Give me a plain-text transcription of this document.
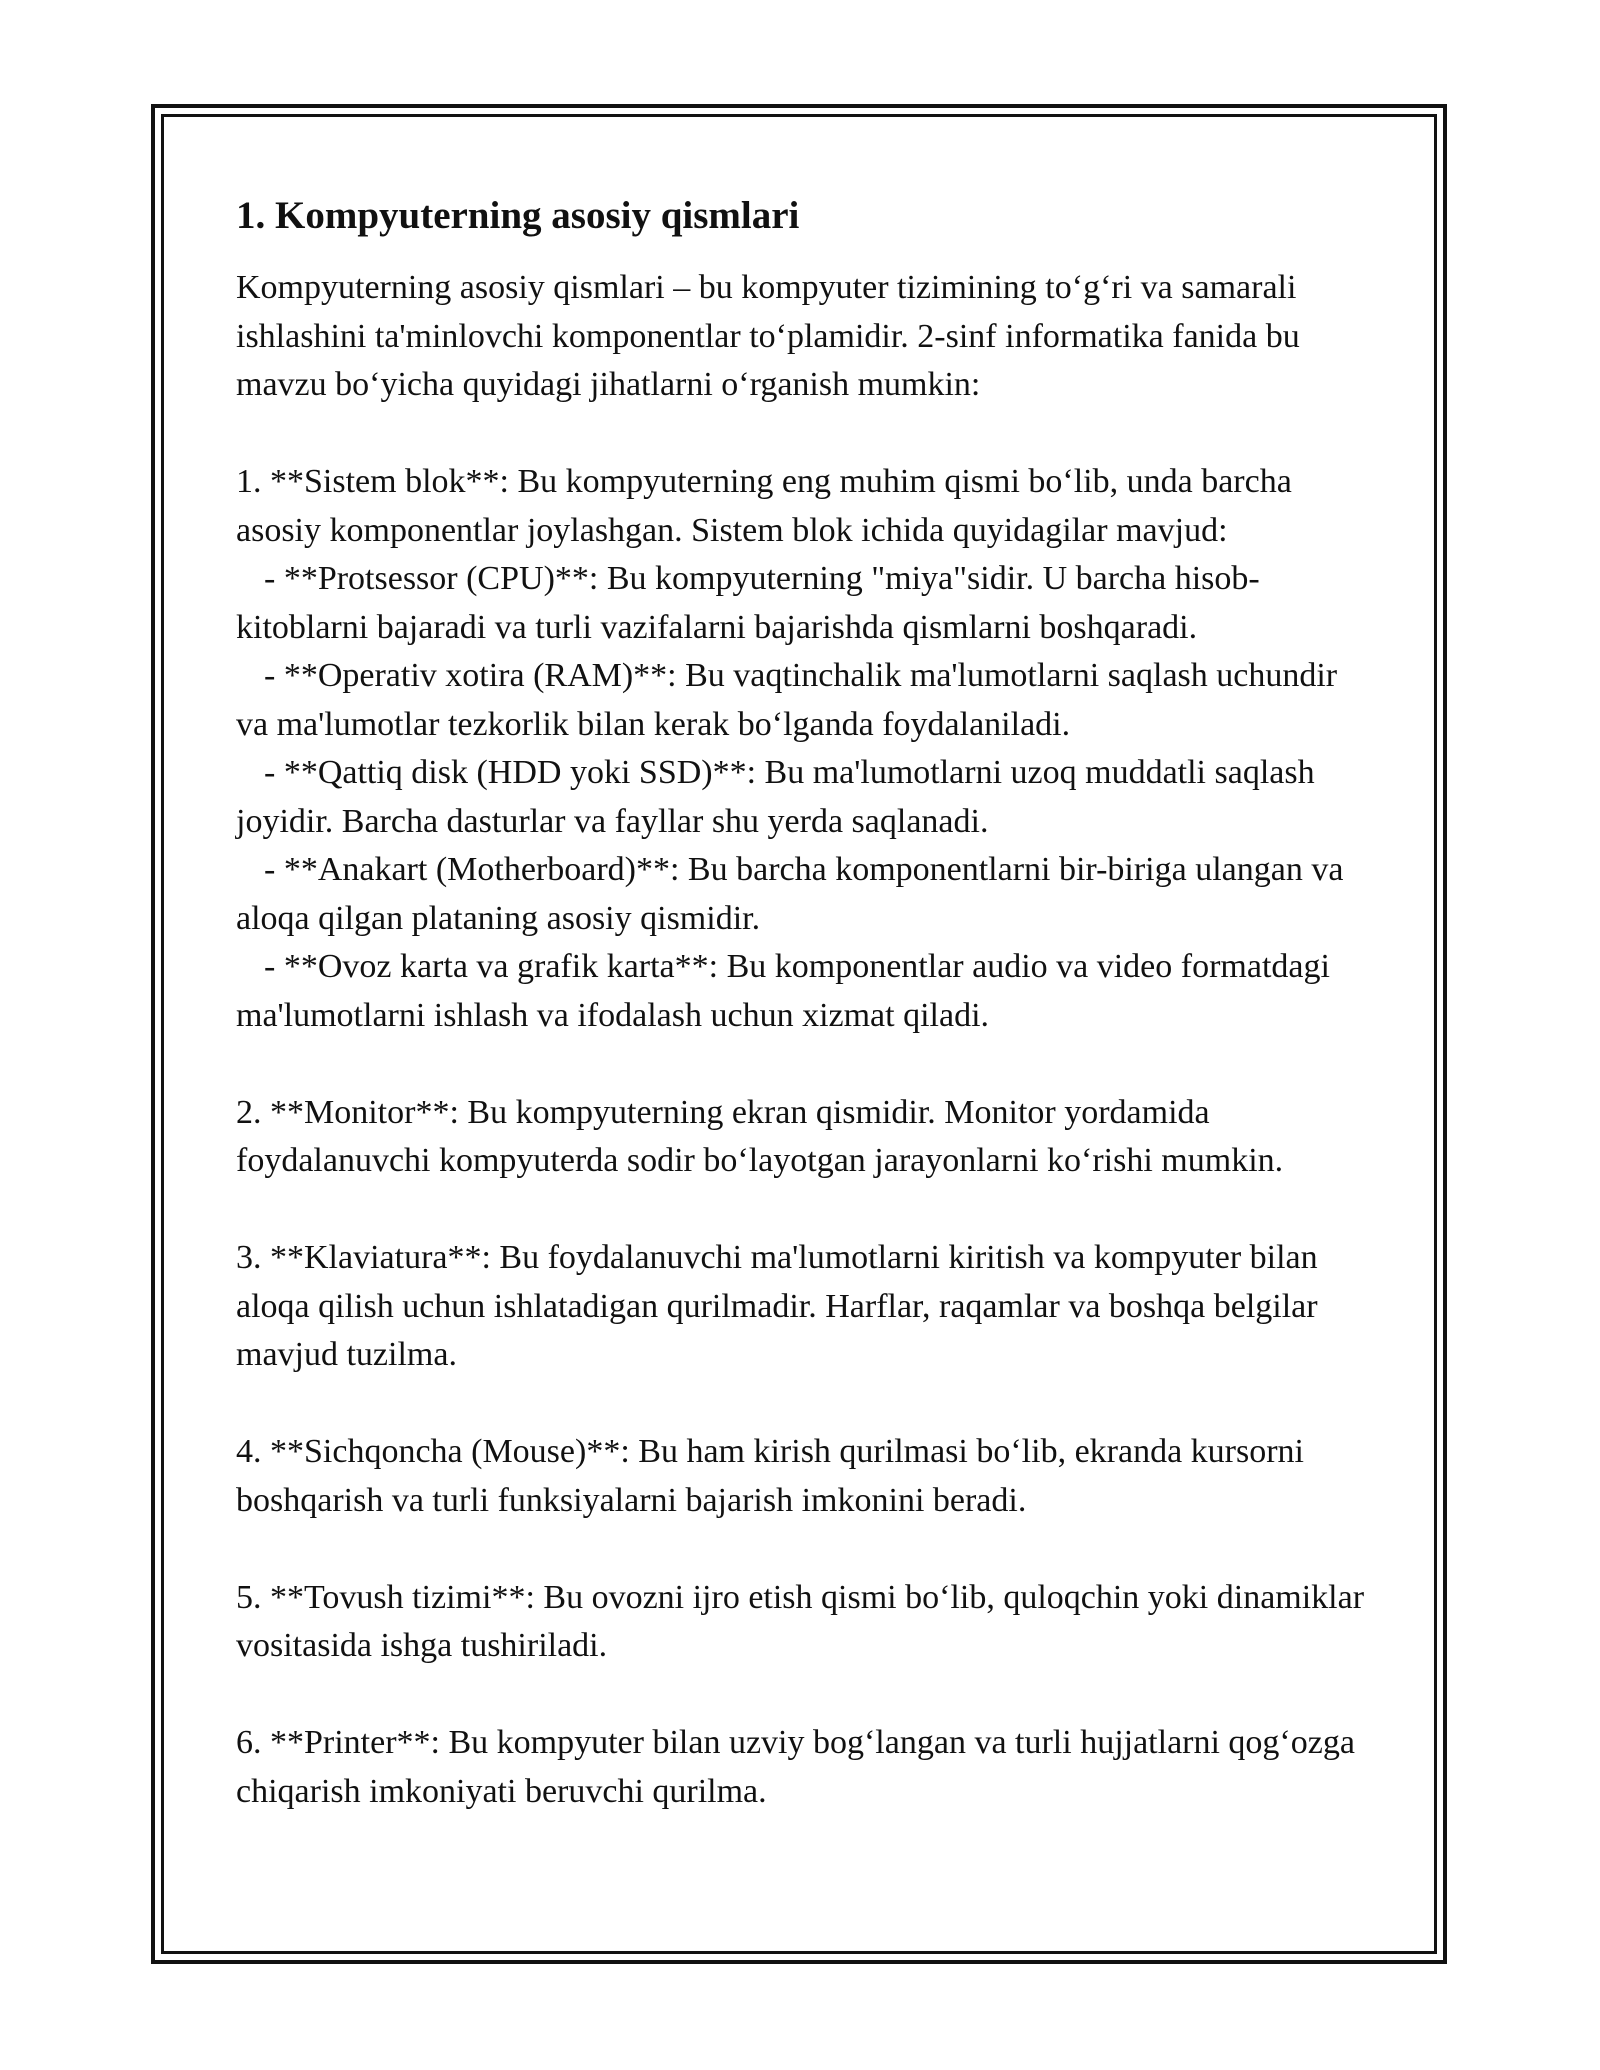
1. Kompyuterning asosiy qismlari

Kompyuterning asosiy qismlari – bu kompyuter tizimining to‘g‘ri va samarali ishlashini ta'minlovchi komponentlar to‘plamidir. 2-sinf informatika fanida bu mavzu bo‘yicha quyidagi jihatlarni o‘rganish mumkin:

1. **Sistem blok**: Bu kompyuterning eng muhim qismi bo‘lib, unda barcha asosiy komponentlar joylashgan. Sistem blok ichida quyidagilar mavjud:

- **Protsessor (CPU)**: Bu kompyuterning "miya"sidir. U barcha hisob-kitoblarni bajaradi va turli vazifalarni bajarishda qismlarni boshqaradi.

- **Operativ xotira (RAM)**: Bu vaqtinchalik ma'lumotlarni saqlash uchundir va ma'lumotlar tezkorlik bilan kerak bo‘lganda foydalaniladi.

- **Qattiq disk (HDD yoki SSD)**: Bu ma'lumotlarni uzoq muddatli saqlash joyidir. Barcha dasturlar va fayllar shu yerda saqlanadi.

- **Anakart (Motherboard)**: Bu barcha komponentlarni bir-biriga ulangan va aloqa qilgan plataning asosiy qismidir.

- **Ovoz karta va grafik karta**: Bu komponentlar audio va video formatdagi ma'lumotlarni ishlash va ifodalash uchun xizmat qiladi.

2. **Monitor**: Bu kompyuterning ekran qismidir. Monitor yordamida foydalanuvchi kompyuterda sodir bo‘layotgan jarayonlarni ko‘rishi mumkin.

3. **Klaviatura**: Bu foydalanuvchi ma'lumotlarni kiritish va kompyuter bilan aloqa qilish uchun ishlatadigan qurilmadir. Harflar, raqamlar va boshqa belgilar mavjud tuzilma.

4. **Sichqoncha (Mouse)**: Bu ham kirish qurilmasi bo‘lib, ekranda kursorni boshqarish va turli funksiyalarni bajarish imkonini beradi.

5. **Tovush tizimi**: Bu ovozni ijro etish qismi bo‘lib, quloqchin yoki dinamiklar vositasida ishga tushiriladi.

6. **Printer**: Bu kompyuter bilan uzviy bog‘langan va turli hujjatlarni qog‘ozga chiqarish imkoniyati beruvchi qurilma.
